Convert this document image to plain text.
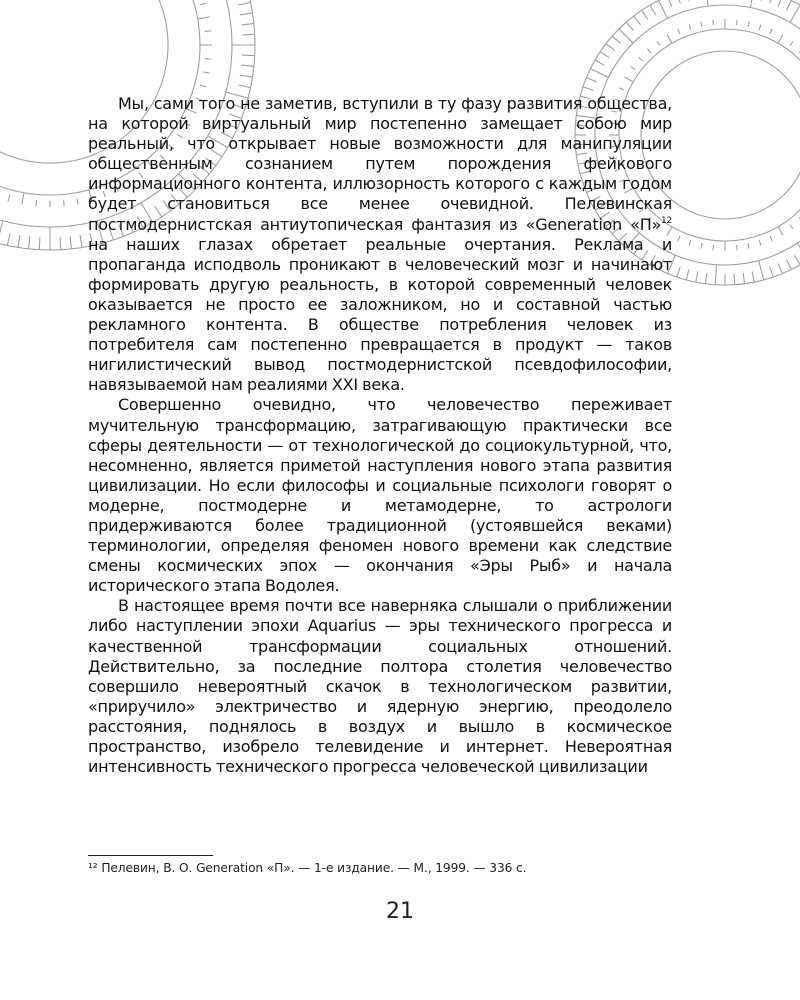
Мы, сами того не заметив, вступили в ту фазу развития общества, на которой виртуальный мир постепенно замещает собою мир реальный, что открывает новые возможности для манипуляции общественным сознанием путем порождения фейкового информационного контента, иллюзорность которого с каждым годом будет становиться все менее очевидной. Пелевинская постмодернистская антиутопическая фантазия из «Generation «П»$^{12}$ на наших глазах обретает реальные очертания. Реклама и пропаганда исподволь проникают в человеческий мозг и начинают формировать другую реальность, в которой современный человек оказывается не просто ее заложником, но и составной частью рекламного контента. В обществе потребления человек из потребителя сам постепенно превращается в продукт — таков нигилистический вывод постмодернистской псевдофилософии, навязываемой нам реалиями XXI века.

Совершенно очевидно, что человечество переживает мучительную трансформацию, затрагивающую практически все сферы деятельности — от технологической до социокультурной, что, несомненно, является приметой наступления нового этапа развития цивилизации. Но если философы и социальные психологи говорят о модерне, постмодерне и метамодерне, то астрологи придерживаются более традиционной (устоявшейся веками) терминологии, определяя феномен нового времени как следствие смены космических эпох — окончания «Эры Рыб» и начала исторического этапа Водолея.

В настоящее время почти все наверняка слышали о приближении либо наступлении эпохи Aquarius — эры технического прогресса и качественной трансформации социальных отношений. Действительно, за последние полтора столетия человечество совершило невероятный скачок в технологическом развитии, «приручило» электричество и ядерную энергию, преодолело расстояния, поднялось в воздух и вышло в космическое пространство, изобрело телевидение и интернет. Невероятная интенсивность технического прогресса человеческой цивилизации

¹² Пелевин, В. О. Generation «П». — 1-е издание. — М., 1999. — 336 с.
21
